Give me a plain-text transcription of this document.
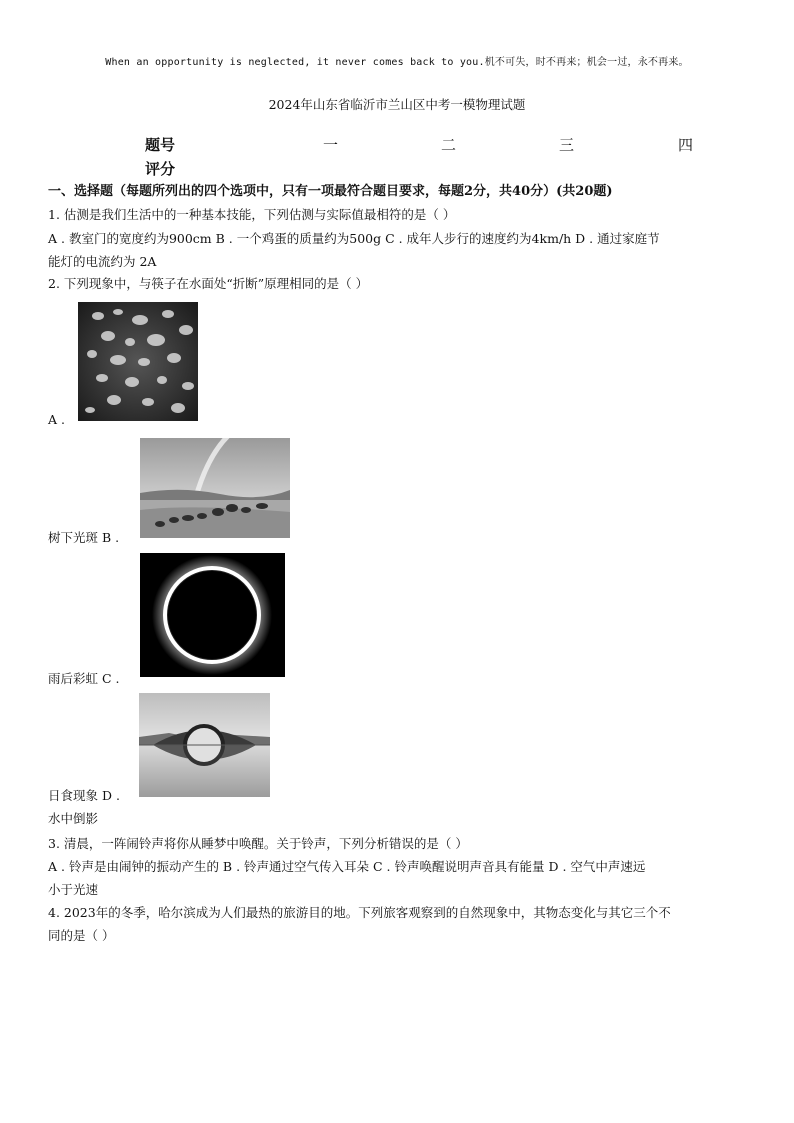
When an opportunity is neglected, it never comes back to you.机不可失，时不再来；机会一过，永不再来。
2024年山东省临沂市兰山区中考一模物理试题
题号	一	二	三	四
评分
一、选择题（每题所列出的四个选项中，只有一项最符合题目要求，每题2分，共40分）(共20题)
1. 估测是我们生活中的一种基本技能，下列估测与实际值最相符的是（ ）
A . 教室门的宽度约为900cm B . 一个鸡蛋的质量约为500g C . 成年人步行的速度约为4km/h D . 通过家庭节
能灯的电流约为 2A
2. 下列现象中，与筷子在水面处“折断”原理相同的是（ ）
A .
树下光斑 B .
雨后彩虹 C .
日食现象 D .
水中倒影
3. 清晨，一阵闹铃声将你从睡梦中唤醒。关于铃声，下列分析错误的是（ ）
A . 铃声是由闹钟的振动产生的 B . 铃声通过空气传入耳朵 C . 铃声唤醒说明声音具有能量 D . 空气中声速远
小于光速
4. 2023年的冬季，哈尔滨成为人们最热的旅游目的地。下列旅客观察到的自然现象中，其物态变化与其它三个不
同的是（ ）
